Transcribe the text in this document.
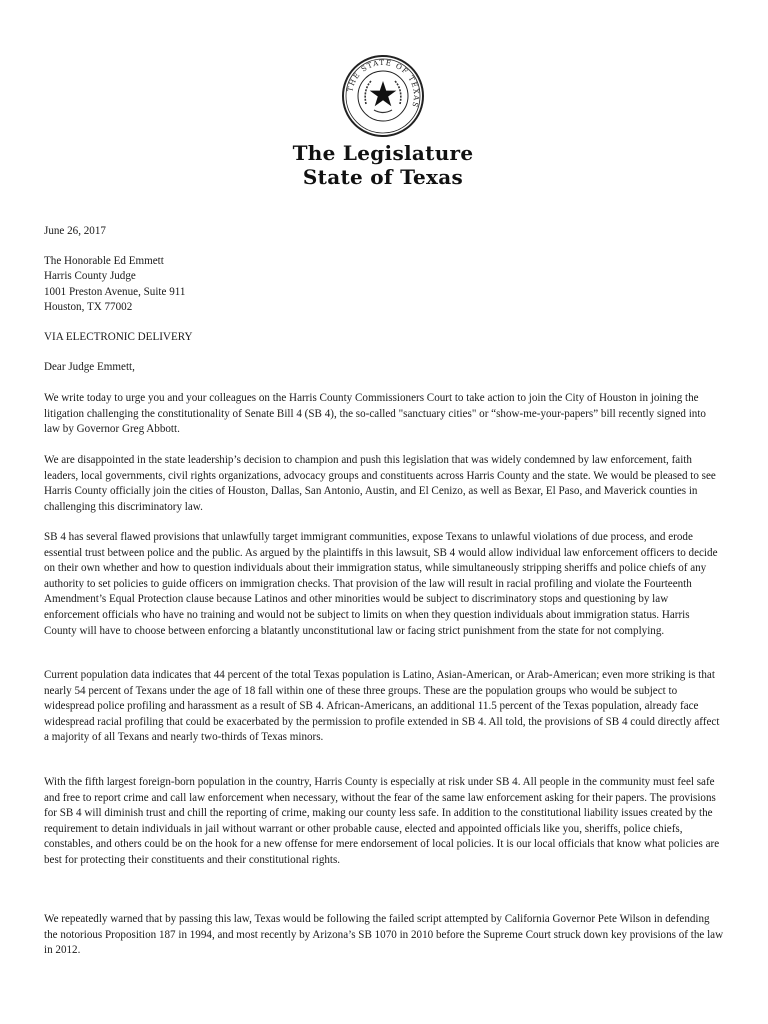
THE STATE OF TEXAS
The Legislature
State of Texas
June 26, 2017
The Honorable Ed Emmett
Harris County Judge
1001 Preston Avenue, Suite 911
Houston, TX 77002
VIA ELECTRONIC DELIVERY
Dear Judge Emmett,

We write today to urge you and your colleagues on the Harris County Commissioners Court to take action to join the City of Houston in joining the litigation challenging the constitutionality of Senate Bill 4 (SB 4), the so-called "sanctuary cities" or “show-me-your-papers” bill recently signed into law by Governor Greg Abbott.

We are disappointed in the state leadership’s decision to champion and push this legislation that was widely condemned by law enforcement, faith leaders, local governments, civil rights organizations, advocacy groups and constituents across Harris County and the state. We would be pleased to see Harris County officially join the cities of Houston, Dallas, San Antonio, Austin, and El Cenizo, as well as Bexar, El Paso, and Maverick counties in challenging this discriminatory law.

SB 4 has several flawed provisions that unlawfully target immigrant communities, expose Texans to unlawful violations of due process, and erode essential trust between police and the public. As argued by the plaintiffs in this lawsuit, SB 4 would allow individual law enforcement officers to decide on their own whether and how to question individuals about their immigration status, while simultaneously stripping sheriffs and police chiefs of any authority to set policies to guide officers on immigration checks. That provision of the law will result in racial profiling and violate the Fourteenth Amendment’s Equal Protection clause because Latinos and other minorities would be subject to discriminatory stops and questioning by law enforcement officials who have no training and would not be subject to limits on when they question individuals about immigration status. Harris County will have to choose between enforcing a blatantly unconstitutional law or facing strict punishment from the state for not complying.

Current population data indicates that 44 percent of the total Texas population is Latino, Asian-American, or Arab-American; even more striking is that nearly 54 percent of Texans under the age of 18 fall within one of these three groups. These are the population groups who would be subject to widespread police profiling and harassment as a result of SB 4. African-Americans, an additional 11.5 percent of the Texas population, already face widespread racial profiling that could be exacerbated by the permission to profile extended in SB 4. All told, the provisions of SB 4 could directly affect a majority of all Texans and nearly two-thirds of Texas minors.

With the fifth largest foreign-born population in the country, Harris County is especially at risk under SB 4. All people in the community must feel safe and free to report crime and call law enforcement when necessary, without the fear of the same law enforcement asking for their papers. The provisions for SB 4 will diminish trust and chill the reporting of crime, making our county less safe. In addition to the constitutional liability issues created by the requirement to detain individuals in jail without warrant or other probable cause, elected and appointed officials like you, sheriffs, police chiefs, constables, and others could be on the hook for a new offense for mere endorsement of local policies. It is our local officials that know what policies are best for protecting their constituents and their constitutional rights.

We repeatedly warned that by passing this law, Texas would be following the failed script attempted by California Governor Pete Wilson in defending the notorious Proposition 187 in 1994, and most recently by Arizona’s SB 1070 in 2010 before the Supreme Court struck down key provisions of the law in 2012.
